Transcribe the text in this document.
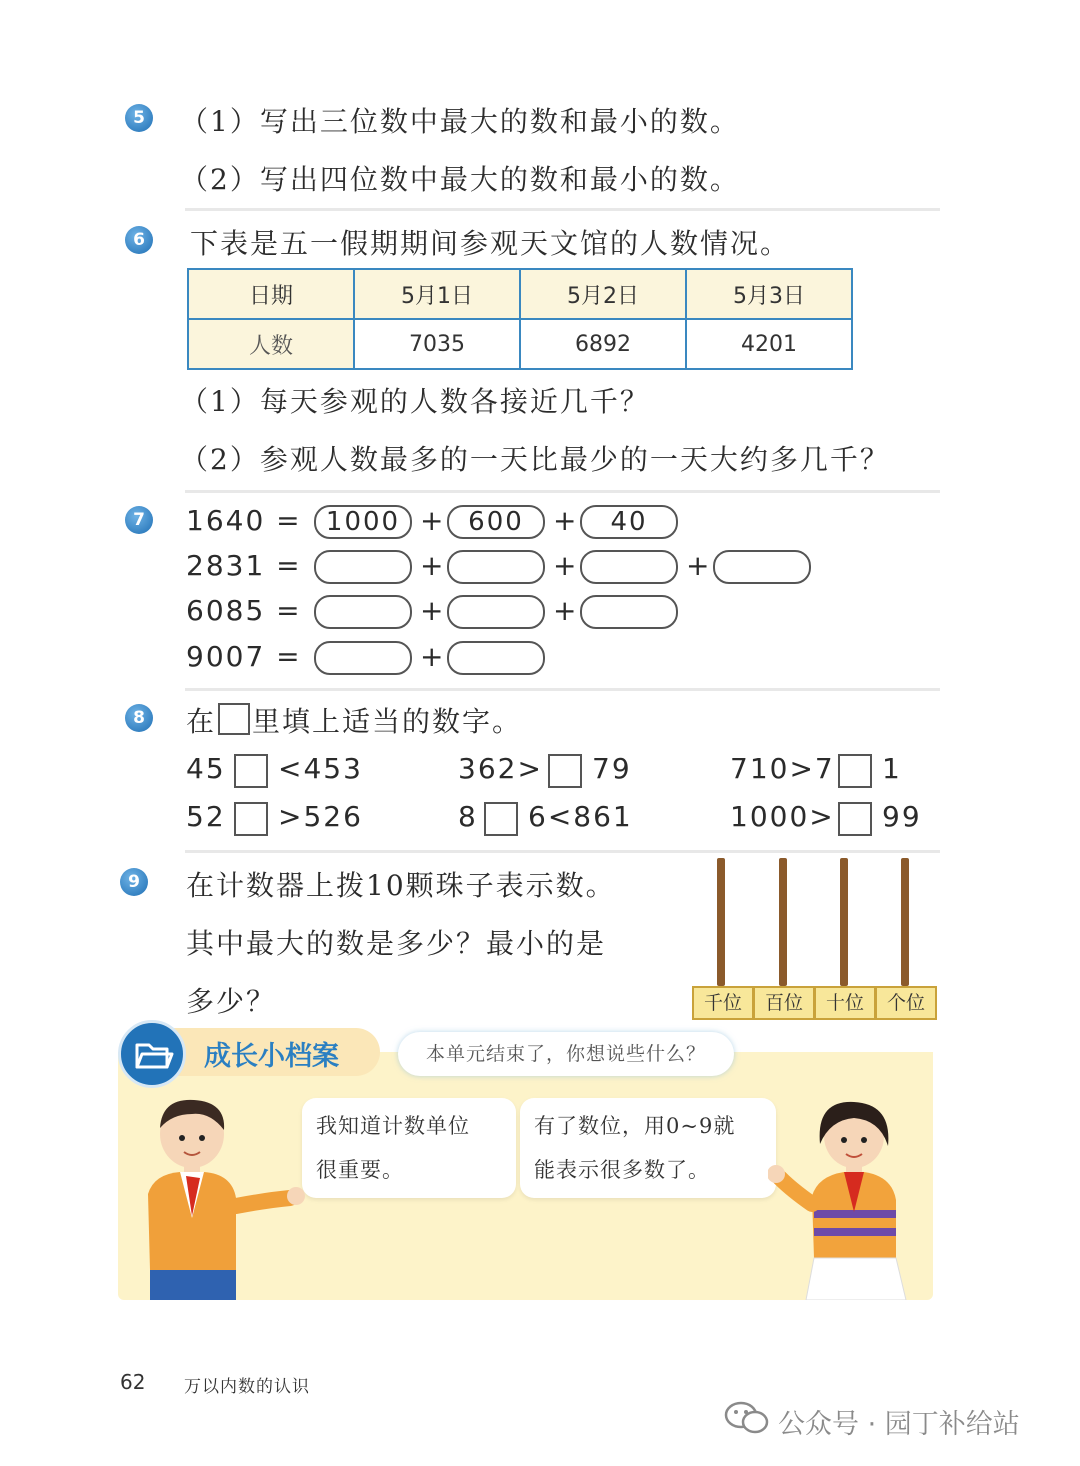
5 （1）写出三位数中最大的数和最小的数。
（2）写出四位数中最大的数和最小的数。
6 下表是五一假期期间参观天文馆的人数情况。
日期	5月1日	5月2日	5月3日
人数	7035	6892	4201
（1）每天参观的人数各接近几千？
（2）参观人数最多的一天比最少的一天大约多几千？
7 1640 = 1000 + 600	+	40
2831 =	+	+	+
6085 =	+	+
9007 =	+
8 在 里填上适当的数字。
45 <453	362> 79	710>7 1
52 >526	8 6<861	1000> 99
9 在计数器上拨10颗珠子表示数。
其中最大的数是多少？最小的是
多少？	千位	百位	十位	个位
成长小档案	本单元结束了，你想说些什么？
我知道计数单位
很重要。
有了数位，用0~9就
能表示很多数了。
62 万以内数的认识
公众号 · 园丁补给站
